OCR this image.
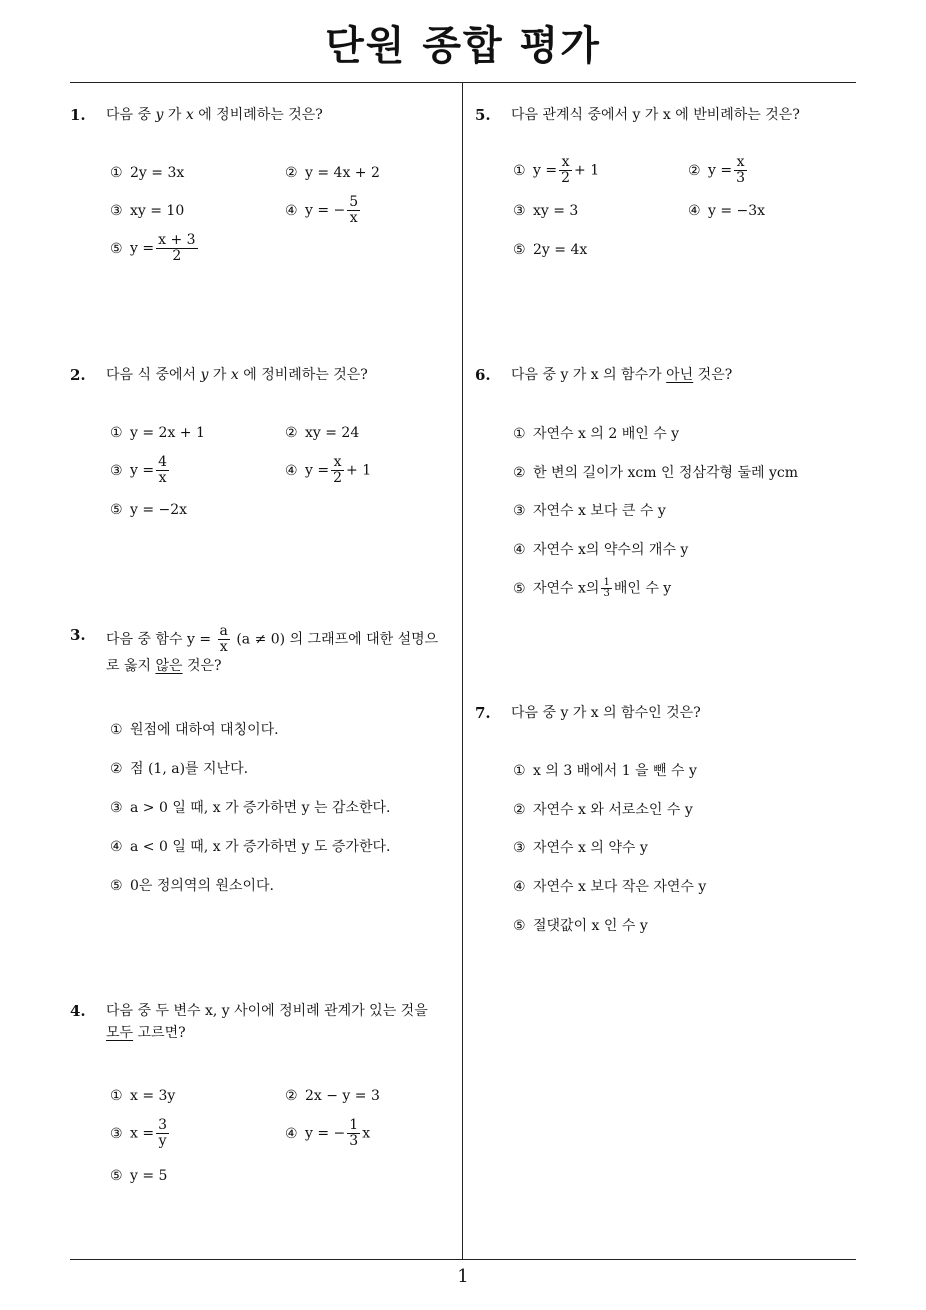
단원 종합 평가
1
1. 다음 중 y 가 x 에 정비례하는 것은?
① 2y = 3x	② y = 4x + 2
③ xy = 10	④ y = − $\frac{5}{x}$
⑤ $y = \frac{x + 3}{2}$
2. 다음 식 중에서 y 가 x 에 정비례하는 것은?
① y = 2x + 1	② xy = 24
③ $y = \frac{4}{x}$	④ $y = \frac{x}{2} + 1$
⑤ y = −2x
3. 다음 중 함수 $y = \frac{a}{x} (a \ne 0)$ 의 그래프에 대한 설명으
로 옳지 않은 것은?
① 원점에 대하여 대칭이다.
② 점 (1, a)를 지난다.
③ a > 0 일 때, x 가 증가하면 y 는 감소한다.
④ a < 0 일 때, x 가 증가하면 y 도 증가한다.
⑤ 0은 정의역의 원소이다.
4. 다음 중 두 변수 x, y 사이에 정비례 관계가 있는 것을
모두 고르면?
① x = 3y	② 2x − y = 3
③ $x = \frac{3}{y}$	④ y = − $\frac{1}{3}$ x
⑤ y = 5
5. 다음 관계식 중에서 y 가 x 에 반비례하는 것은?
① $y = \frac{x}{2} + 1$	② $y = \frac{x}{3}$
③ xy = 3	④ y = −3x
⑤ 2y = 4x
6. 다음 중 y 가 x 의 함수가 아닌 것은?
① 자연수 x 의 2 배인 수 y
② 한 변의 길이가 xcm 인 정삼각형 둘레 ycm
③ 자연수 x 보다 큰 수 y
④ 자연수 x의 약수의 개수 y
⑤ 자연수 x의 $\frac{1}{3}$ 배인 수 y
7. 다음 중 y 가 x 의 함수인 것은?
① x 의 3 배에서 1 을 뺀 수 y
② 자연수 x 와 서로소인 수 y
③ 자연수 x 의 약수 y
④ 자연수 x 보다 작은 자연수 y
⑤ 절댓값이 x 인 수 y
